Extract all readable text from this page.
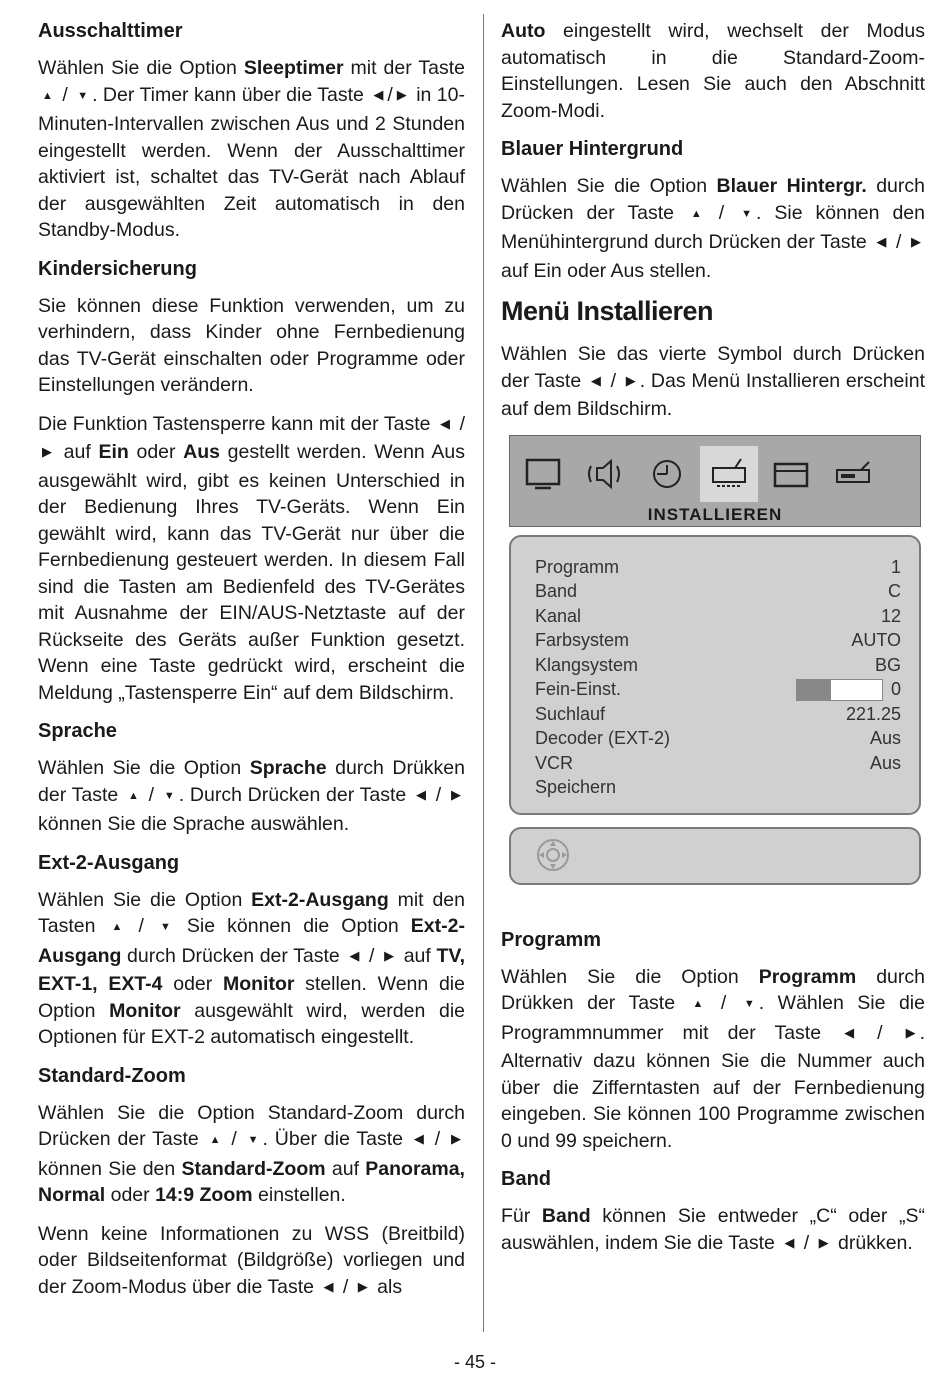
Ausschalttimer

Wählen Sie die Option Sleeptimer mit der Taste ▲ / ▼. Der Timer kann über die Taste ◀/▶ in 10-Minuten-Intervallen zwischen Aus und 2 Stunden eingestellt werden. Wenn der Ausschalttimer aktiviert ist, schaltet das TV-Gerät nach Ablauf der ausgewählten Zeit automatisch in den Standby-Modus.

Kindersicherung

Sie können diese Funktion verwenden, um zu verhindern, dass Kinder ohne Fernbedienung das TV-Gerät einschalten oder Programme oder Einstellungen verändern.

Die Funktion Tastensperre kann mit der Taste ◀ / ▶ auf Ein oder Aus gestellt werden. Wenn Aus ausgewählt wird, gibt es keinen Unterschied in der Bedienung Ihres TV-Geräts. Wenn Ein gewählt wird, kann das TV-Gerät nur über die Fernbedienung gesteuert werden. In diesem Fall sind die Tasten am Bedienfeld des TV-Gerätes mit Ausnahme der EIN/AUS-Netztaste auf der Rückseite des Geräts außer Funktion gesetzt. Wenn eine Taste gedrückt wird, erscheint die Meldung „Tastensperre Ein“ auf dem Bildschirm.

Sprache

Wählen Sie die Option Sprache durch Drükken der Taste ▲ / ▼. Durch Drücken der Taste ◀ / ▶ können Sie die Sprache auswählen.

Ext-2-Ausgang

Wählen Sie die Option Ext-2-Ausgang mit den Tasten ▲ / ▼ Sie können die Option Ext-2-Ausgang durch Drücken der Taste ◀ / ▶ auf TV, EXT-1, EXT-4 oder Monitor stellen. Wenn die Option Monitor ausgewählt wird, werden die Optionen für EXT-2 automatisch eingestellt.

Standard-Zoom

Wählen Sie die Option Standard-Zoom durch Drücken der Taste ▲ / ▼. Über die Taste ◀ / ▶ können Sie den Standard-Zoom auf Panorama, Normal oder 14:9 Zoom einstellen.

Wenn keine Informationen zu WSS (Breitbild) oder Bildseitenformat (Bildgröße) vorliegen und der Zoom-Modus über die Taste ◀ / ▶ als

Auto eingestellt wird, wechselt der Modus automatisch in die Standard-Zoom-Einstellungen. Lesen Sie auch den Abschnitt Zoom-Modi.

Blauer Hintergrund

Wählen Sie die Option Blauer Hintergr. durch Drücken der Taste ▲ / ▼. Sie können den Menühintergrund durch Drücken der Taste ◀ / ▶ auf Ein oder Aus stellen.

Menü Installieren

Wählen Sie das vierte Symbol durch Drücken der Taste ◀ / ▶. Das Menü Installieren erscheint auf dem Bildschirm.

INSTALLIEREN
Programm	1
Band	C
Kanal	12
Farbsystem	AUTO
Klangsystem	BG
Fein-Einst.	0
Suchlauf	221.25
Decoder (EXT-2)	Aus
VCR	Aus
Speichern
Programm

Wählen Sie die Option Programm durch Drükken der Taste ▲ / ▼. Wählen Sie die Programmnummer mit der Taste ◀ / ▶. Alternativ dazu können Sie die Nummer auch über die Zifferntasten auf der Fernbedienung eingeben. Sie können 100 Programme zwischen 0 und 99 speichern.

Band

Für Band können Sie entweder „C“ oder „S“ auswählen, indem Sie die Taste ◀ / ▶ drükken.

- 45 -
